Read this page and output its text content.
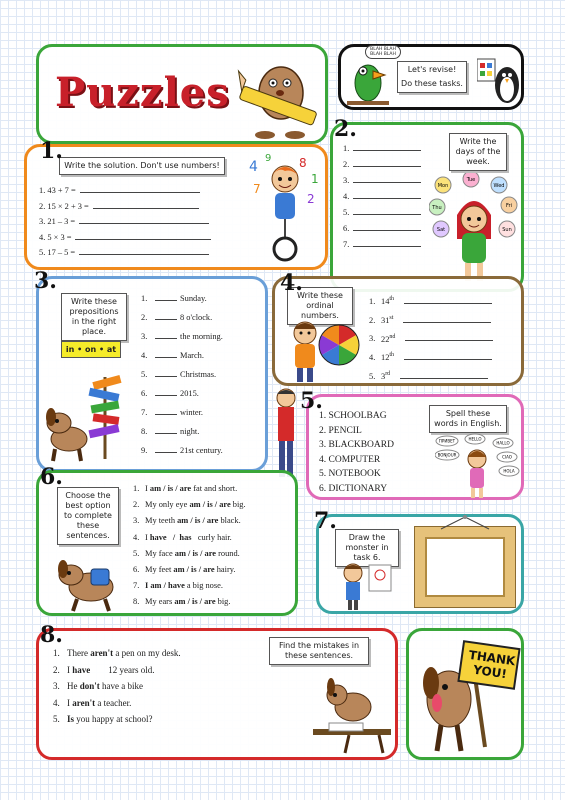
Puzzles
BLAH BLAH BLAH BLAH
Let's revise!
Do these tasks.
Write the solution. Don't use numbers!
1. 43 + 7 =
2. 15 × 2 + 3 =
3. 21 – 3 =
4. 5 × 3 =
5. 17 – 5 =
4	8
1
7
2
9
1.	1.
2.
3.
4.
5.
6.
7.
Write the days of the week.
Mon
Tue
Wed
Thu	Fri
Sat	Sun
2.
Write these prepositions in the right place.
in • on • at
1.	Sunday.
2.	8 o'clock.
3.	the morning.
4.	March.
5.	Christmas.
6.	2015.
7.	winter.
8.	night.
9.	21st century.
3.
Write these ordinal numbers.
1. 14th
2. 31st
3. 22nd
4. 12th
5. 3rd
4.
1. SCHOOLBAG
2. PENCIL
3. BLACKBOARD
4. COMPUTER
5. NOTEBOOK
6. DICTIONARY
Spell these words in English.
ПРИВЕТ	HELLO
HALLO
BONJOUR	CIAO
HOLA
5.
Choose the best option to complete these sentences.
1. I am / is / are fat and short.
2. My only eye am / is / are big.
3. My teeth am / is / are black.
4. I have   /  has   curly hair.
5. My face am / is / are round.
6. My feet am / is / are hairy.
7. I am / have a big nose.
8. My ears am / is / are big.
6.
Draw the monster in task 6.
7.
1. There aren't a pen on my desk.
2. I have        12 years old.
3. He don't have a bike
4. I aren't a teacher.
5. Is you happy at school?
Find the mistakes in these sentences.
8.
THANK YOU!
